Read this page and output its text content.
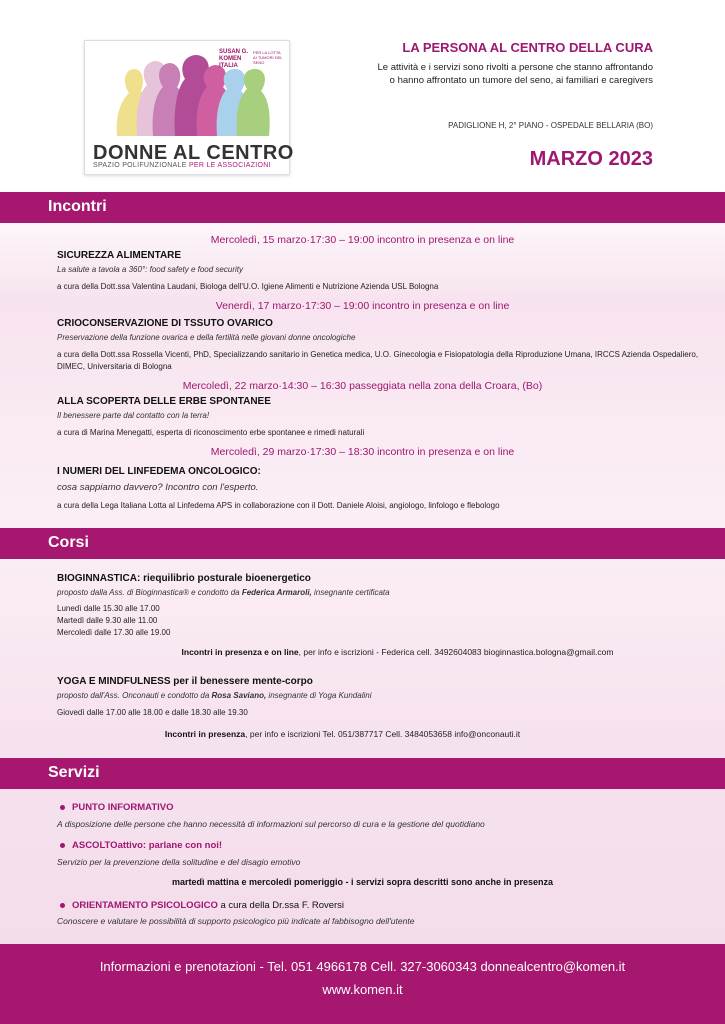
SUSAN G. KOMEN ITALIA
PER LA LOTTA AI TUMORI DEL SENO
DONNE AL CENTRO
SPAZIO POLIFUNZIONALE PER LE ASSOCIAZIONI
LA PERSONA AL CENTRO DELLA CURA
Le attività e i servizi sono rivolti a persone che stanno affrontando o hanno affrontato un tumore del seno, ai familiari e caregivers
PADIGLIONE H, 2° PIANO - OSPEDALE BELLARIA (BO)
MARZO 2023
Incontri
Mercoledì, 15 marzo·17:30 – 19:00 incontro in presenza e on line
SICUREZZA ALIMENTARE
La salute a tavola a 360°: food safety e food security
a cura della Dott.ssa Valentina Laudani, Biologa dell'U.O. Igiene Alimenti e Nutrizione Azienda USL Bologna
Venerdì, 17 marzo·17:30 – 19:00 incontro in presenza e on line
CRIOCONSERVAZIONE DI TSSUTO OVARICO
Preservazione della funzione ovarica e della fertilità nelle giovani donne oncologiche
a cura della Dott.ssa Rossella Vicenti, PhD, Specializzando sanitario in Genetica medica, U.O. Ginecologia e Fisiopatologia della Riproduzione Umana, IRCCS Azienda Ospedaliero, DIMEC, Universitaria di Bologna
Mercoledì, 22 marzo·14:30 – 16:30 passeggiata nella zona della Croara, (Bo)
ALLA SCOPERTA DELLE ERBE SPONTANEE
Il benessere parte dal contatto con la terra!
a cura di Marina Menegatti, esperta di riconoscimento erbe spontanee e rimedi naturali
Mercoledì, 29 marzo·17:30 – 18:30 incontro in presenza e on line
I NUMERI DEL LINFEDEMA ONCOLOGICO:
cosa sappiamo davvero? Incontro con l'esperto.
a cura della Lega Italiana Lotta al Linfedema APS in collaborazione con il Dott. Daniele Aloisi, angiologo, linfologo e flebologo
Corsi
BIOGINNASTICA: riequilibrio posturale bioenergetico
proposto dalla Ass. di Bioginnastica® e condotto da Federica Armaroli, insegnante certificata
Lunedì dalle 15.30 alle 17.00
Martedì dalle 9.30 alle 11.00
Mercoledì dalle 17.30 alle 19.00
Incontri in presenza e on line, per info e iscrizioni - Federica cell. 3492604083 bioginnastica.bologna@gmail.com
YOGA E MINDFULNESS per il benessere mente-corpo
proposto dall'Ass. Onconauti e condotto da Rosa Saviano, insegnante di Yoga Kundalini
Giovedì dalle 17.00 alle 18.00 e dalle 18.30 alle 19.30
Incontri in presenza, per info e iscrizioni Tel. 051/387717 Cell. 3484053658 info@onconauti.it
Servizi
PUNTO INFORMATIVO
A disposizione delle persone che hanno necessità di informazioni sul percorso di cura e la gestione del quotidiano
ASCOLTOattivo: parlane con noi!
Servizio per la prevenzione della solitudine e del disagio emotivo
martedì mattina e mercoledì pomeriggio - i servizi sopra descritti sono anche in presenza
ORIENTAMENTO PSICOLOGICO a cura della Dr.ssa F. Roversi
Conoscere e valutare le possibilità di supporto psicologico più indicate al fabbisogno dell'utente
Informazioni e prenotazioni - Tel. 051 4966178 Cell. 327-3060343 donnealcentro@komen.it
www.komen.it
